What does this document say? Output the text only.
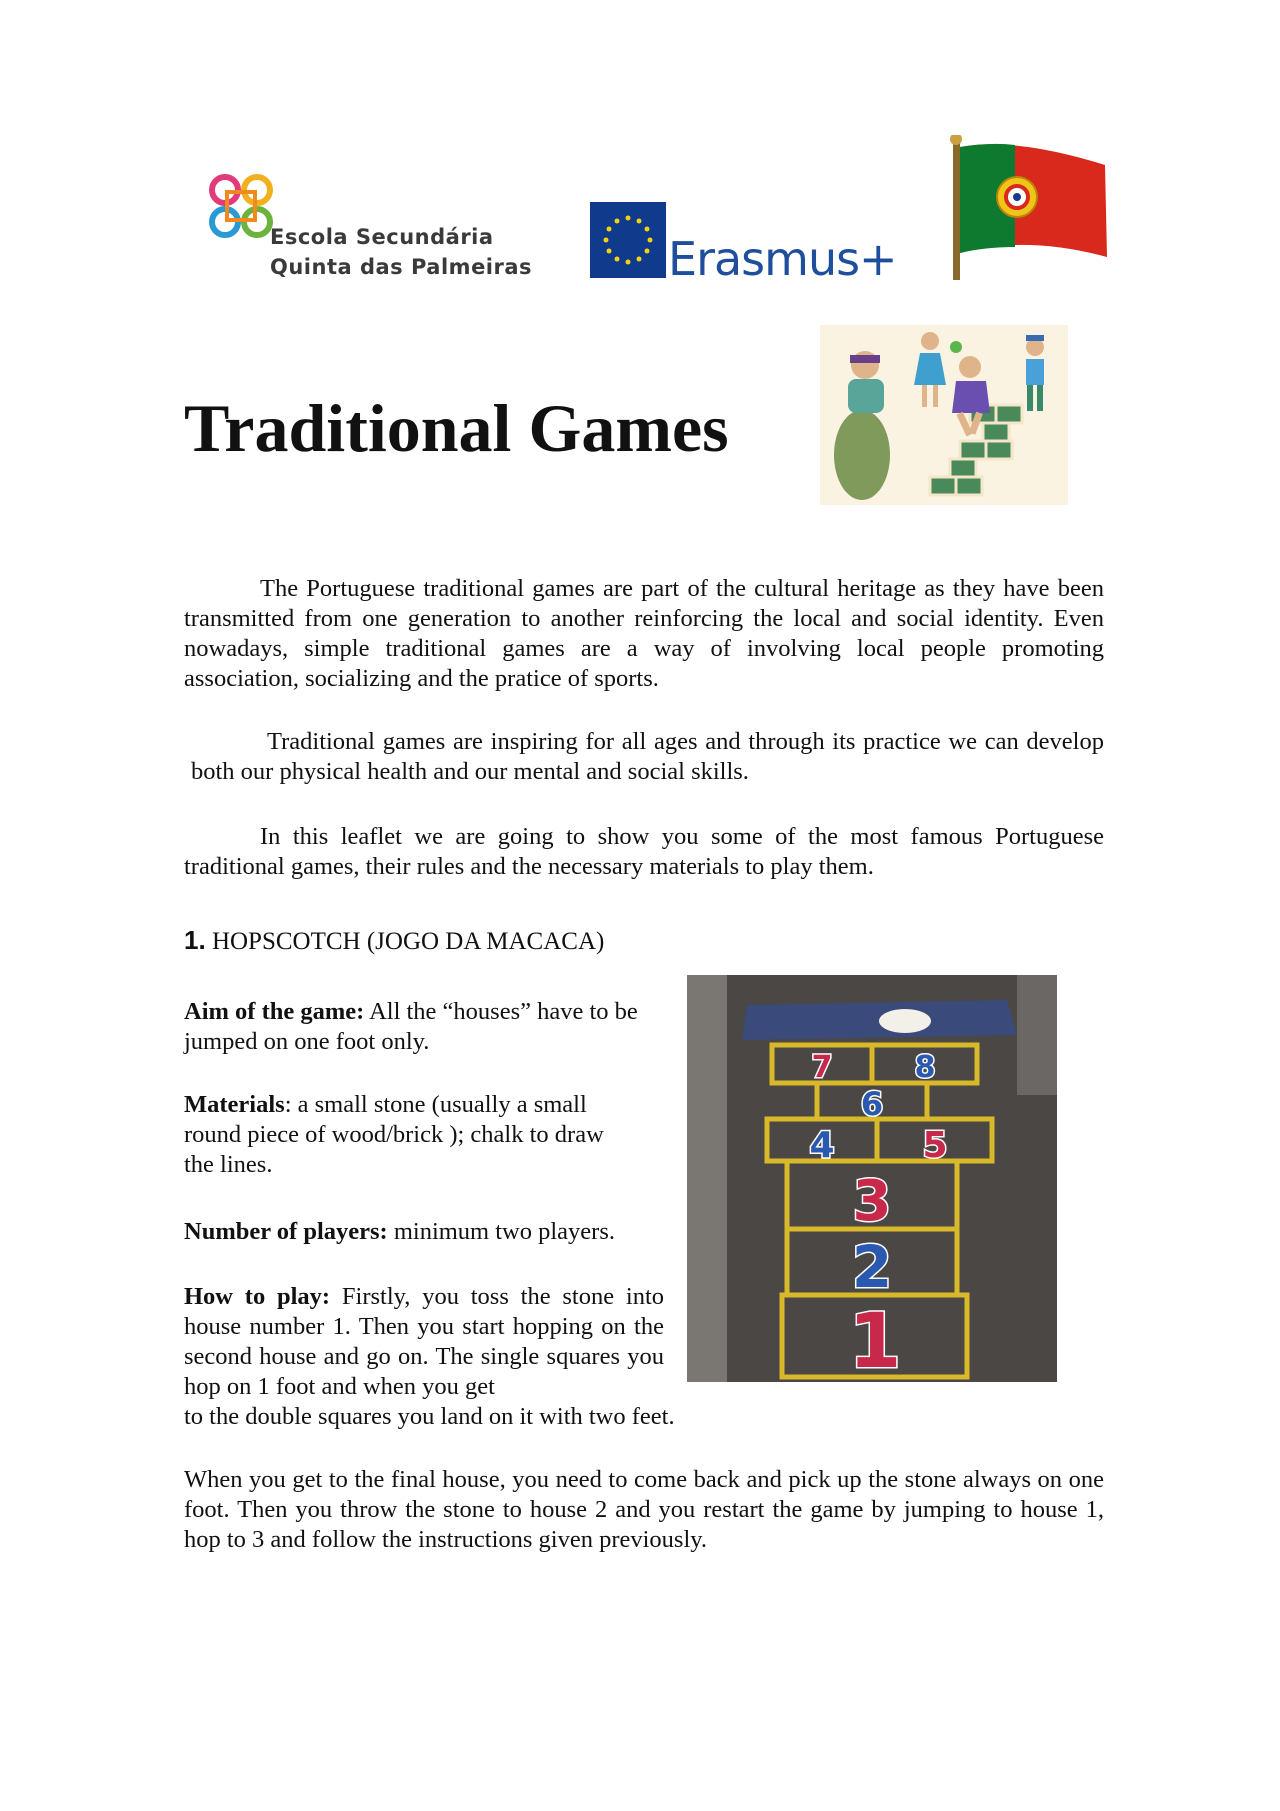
Escola Secundária
Quinta das Palmeiras	Erasmus+
Traditional Games

The Portuguese traditional games are part of the cultural heritage as they have been transmitted from one generation to another reinforcing the local and social identity. Even nowadays, simple traditional games are a way of involving local people promoting association, socializing and the pratice of sports.

Traditional games are inspiring for all ages and through its practice we can develop both our physical health and our mental and social skills.

In this leaflet we are going to show you some of the most famous Portuguese traditional games, their rules and the necessary materials to play them.

1. HOPSCOTCH (JOGO DA MACACA)

Aim of the game: All the “houses” have to be jumped on one foot only.

Materials: a small stone (usually a small round piece of wood/brick ); chalk to draw the lines.

Number of players: minimum two players.

How to play: Firstly, you toss the stone into house number 1. Then you start hopping on the second house and go on. The single squares you hop on 1 foot and when you get

to the double squares you land on it with two feet.

7	8
6
4 5
3
2
1

When you get to the final house, you need to come back and pick up the stone always on one foot. Then you throw the stone to house 2 and you restart the game by jumping to house 1, hop to 3 and follow the instructions given previously.
